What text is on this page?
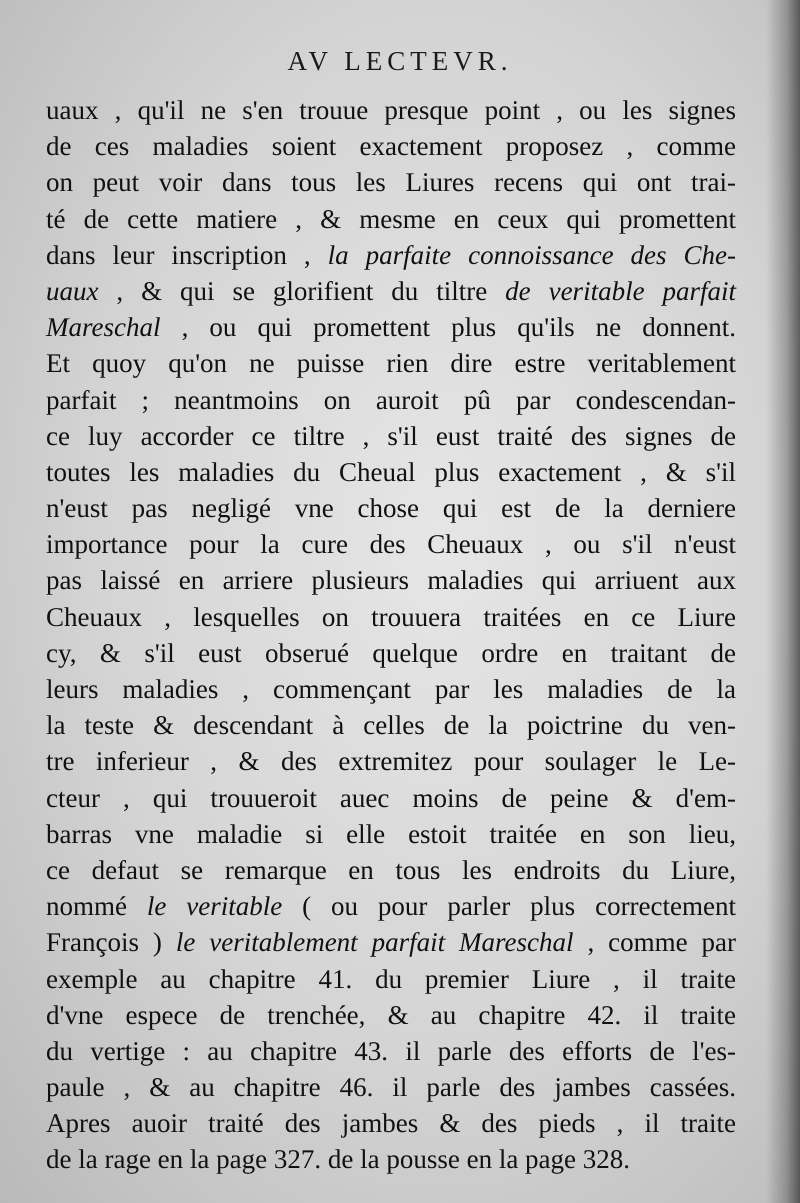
AV LECTEVR.
uaux , qu'il ne s'en trouue presque point , ou les signes
de ces maladies soient exactement proposez , comme
on peut voir dans tous les Liures recens qui ont trai-
té de cette matiere , & mesme en ceux qui promettent
dans leur inscription , la parfaite connoissance des Che-
uaux , & qui se glorifient du tiltre de veritable parfait
Mareschal , ou qui promettent plus qu'ils ne donnent.
Et quoy qu'on ne puisse rien dire estre veritablement
parfait ; neantmoins on auroit pû par condescendan-
ce luy accorder ce tiltre , s'il eust traité des signes de
toutes les maladies du Cheual plus exactement , & s'il
n'eust pas negligé vne chose qui est de la derniere
importance pour la cure des Cheuaux , ou s'il n'eust
pas laissé en arriere plusieurs maladies qui arriuent aux
Cheuaux , lesquelles on trouuera traitées en ce Liure
cy, & s'il eust obserué quelque ordre en traitant de
leurs maladies , commençant par les maladies de la
la teste & descendant à celles de la poictrine du ven-
tre inferieur , & des extremitez pour soulager le Le-
cteur , qui trouueroit auec moins de peine & d'em-
barras vne maladie si elle estoit traitée en son lieu,
ce defaut se remarque en tous les endroits du Liure,
nommé le veritable ( ou pour parler plus correctement
François ) le veritablement parfait Mareschal , comme par
exemple au chapitre 41. du premier Liure , il traite
d'vne espece de trenchée, & au chapitre 42. il traite
du vertige : au chapitre 43. il parle des efforts de l'es-
paule , & au chapitre 46. il parle des jambes cassées.
Apres auoir traité des jambes & des pieds , il traite
de la rage en la page 327. de la pousse en la page 328.
